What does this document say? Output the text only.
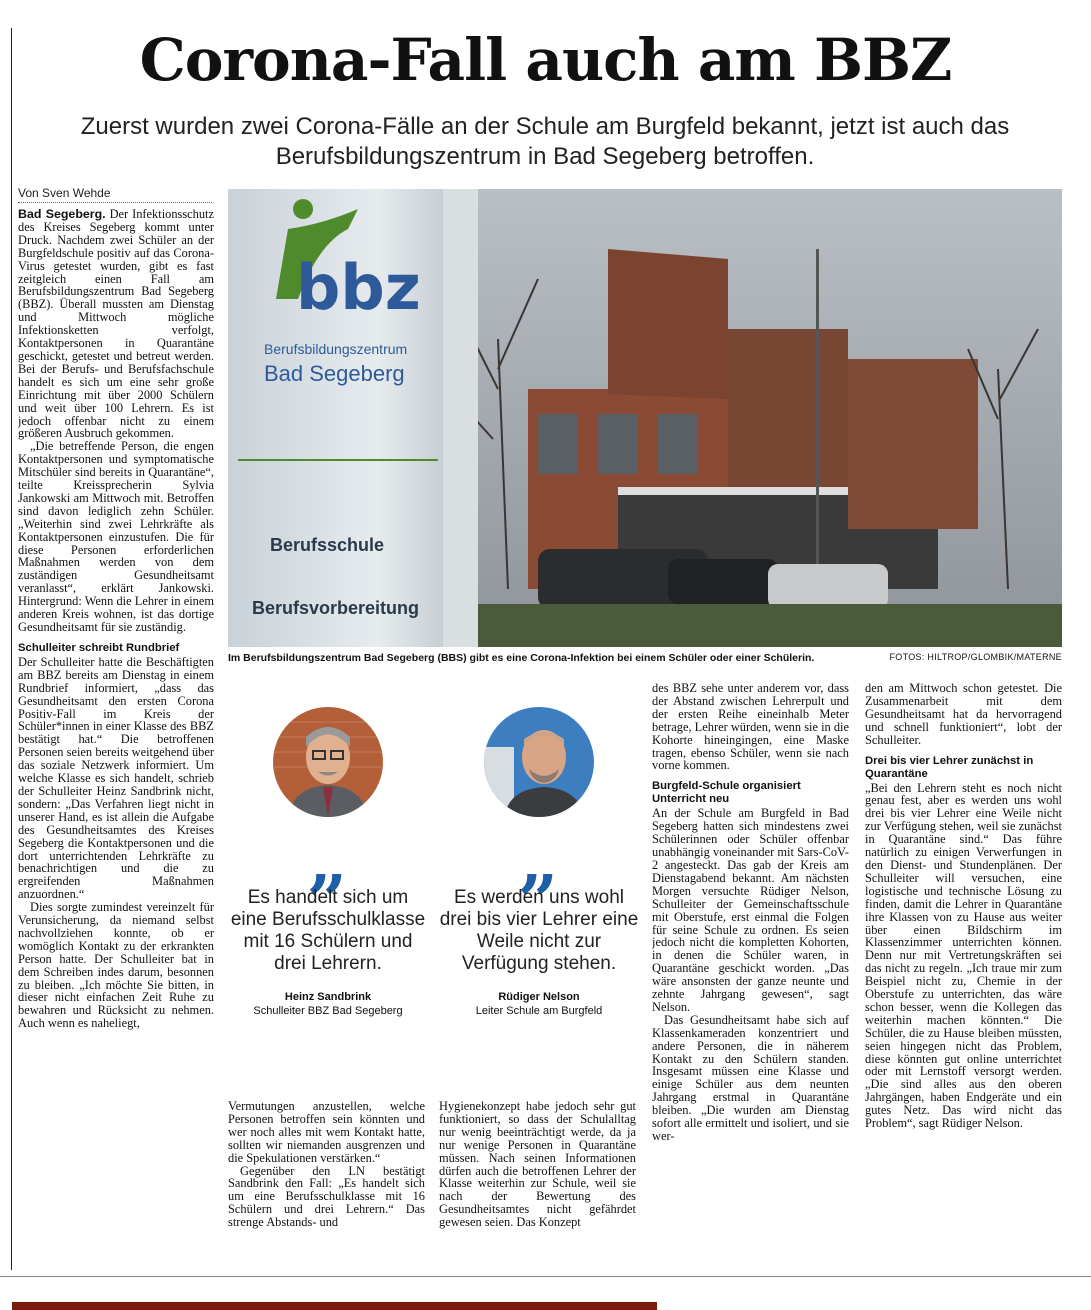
Corona-Fall auch am BBZ

Zuerst wurden zwei Corona-Fälle an der Schule am Burgfeld bekannt, jetzt ist auch das Berufsbildungszentrum in Bad Segeberg betroffen.

Von Sven Wehde

Bad Segeberg. Der Infektionsschutz des Kreises Segeberg kommt unter Druck. Nachdem zwei Schüler an der Burgfeldschule positiv auf das Corona-Virus getestet wurden, gibt es fast zeitgleich einen Fall am Berufsbildungszentrum Bad Segeberg (BBZ). Überall mussten am Dienstag und Mittwoch mögliche Infektionsketten verfolgt, Kontaktpersonen in Quarantäne geschickt, getestet und betreut werden. Bei der Berufs- und Berufsfachschule handelt es sich um eine sehr große Einrichtung mit über 2000 Schülern und weit über 100 Lehrern. Es ist jedoch offenbar nicht zu einem größeren Ausbruch gekommen.

„Die betreffende Person, die engen Kontaktpersonen und symptomatische Mitschüler sind bereits in Quarantäne“, teilte Kreissprecherin Sylvia Jankowski am Mittwoch mit. Betroffen sind davon lediglich zehn Schüler. „Weiterhin sind zwei Lehrkräfte als Kontaktpersonen einzustufen. Die für diese Personen erforderlichen Maßnahmen werden von dem zuständigen Gesundheitsamt veranlasst“, erklärt Jankowski. Hintergrund: Wenn die Lehrer in einem anderen Kreis wohnen, ist das dortige Gesundheitsamt für sie zuständig.

Schulleiter schreibt Rundbrief

Der Schulleiter hatte die Beschäftigten am BBZ bereits am Dienstag in einem Rundbrief informiert, „dass das Gesundheitsamt den ersten Corona Positiv-Fall im Kreis der Schüler*innen in einer Klasse des BBZ bestätigt hat.“ Die betroffenen Personen seien bereits weitgehend über das soziale Netzwerk informiert. Um welche Klasse es sich handelt, schrieb der Schulleiter Heinz Sandbrink nicht, sondern: „Das Verfahren liegt nicht in unserer Hand, es ist allein die Aufgabe des Gesundheitsamtes des Kreises Segeberg die Kontaktpersonen und die dort unterrichtenden Lehrkräfte zu benachrichtigen und die zu ergreifenden Maßnahmen anzuordnen.“

Dies sorgte zumindest vereinzelt für Verunsicherung, da niemand selbst nachvollziehen konnte, ob er womöglich Kontakt zu der erkrankten Person hatte. Der Schulleiter bat in dem Schreiben indes darum, besonnen zu bleiben. „Ich möchte Sie bitten, in dieser nicht einfachen Zeit Ruhe zu bewahren und Rücksicht zu nehmen. Auch wenn es naheliegt,

bbz
Berufsbildungszentrum
Bad Segeberg
Berufsschule
Berufsvorbereitung
Im Berufsbildungszentrum Bad Segeberg (BBS) gibt es eine Corona-Infektion bei einem Schüler oder einer Schülerin.	FOTOS: HILTROP/GLOMBIK/MATERNE
„
Es handelt sich um eine Berufsschulklasse mit 16 Schülern und drei Lehrern.
Heinz Sandbrink
Schulleiter BBZ Bad Segeberg
„
Es werden uns wohl drei bis vier Lehrer eine Weile nicht zur Verfügung stehen.
Rüdiger Nelson
Leiter Schule am Burgfeld

Vermutungen anzustellen, welche Personen betroffen sein könnten und wer noch alles mit wem Kontakt hatte, sollten wir niemanden ausgrenzen und die Spekulationen verstärken.“

Gegenüber den LN bestätigt Sandbrink den Fall: „Es handelt sich um eine Berufsschulklasse mit 16 Schülern und drei Lehrern.“ Das strenge Abstands- und

Hygienekonzept habe jedoch sehr gut funktioniert, so dass der Schulalltag nur wenig beeinträchtigt werde, da ja nur wenige Personen in Quarantäne müssen. Nach seinen Informationen dürfen auch die betroffenen Lehrer der Klasse weiterhin zur Schule, weil sie nach der Bewertung des Gesundheitsamtes nicht gefährdet gewesen seien. Das Konzept

des BBZ sehe unter anderem vor, dass der Abstand zwischen Lehrerpult und der ersten Reihe eineinhalb Meter betrage, Lehrer würden, wenn sie in die Kohorte hineingingen, eine Maske tragen, ebenso Schüler, wenn sie nach vorne kommen.

Burgfeld-Schule organisiert Unterricht neu

An der Schule am Burgfeld in Bad Segeberg hatten sich mindestens zwei Schülerinnen oder Schüler offenbar unabhängig voneinander mit Sars-CoV-2 angesteckt. Das gab der Kreis am Dienstagabend bekannt. Am nächsten Morgen versuchte Rüdiger Nelson, Schulleiter der Gemeinschaftsschule mit Oberstufe, erst einmal die Folgen für seine Schule zu ordnen. Es seien jedoch nicht die kompletten Kohorten, in denen die Schüler waren, in Quarantäne geschickt worden. „Das wäre ansonsten der ganze neunte und zehnte Jahrgang gewesen“, sagt Nelson.

Das Gesundheitsamt habe sich auf Klassenkameraden konzentriert und andere Personen, die in näherem Kontakt zu den Schülern standen. Insgesamt müssen eine Klasse und einige Schüler aus dem neunten Jahrgang erstmal in Quarantäne bleiben. „Die wurden am Dienstag sofort alle ermittelt und isoliert, und sie wer-

den am Mittwoch schon getestet. Die Zusammenarbeit mit dem Gesundheitsamt hat da hervorragend und schnell funktioniert“, lobt der Schulleiter.

Drei bis vier Lehrer zunächst in Quarantäne

„Bei den Lehrern steht es noch nicht genau fest, aber es werden uns wohl drei bis vier Lehrer eine Weile nicht zur Verfügung stehen, weil sie zunächst in Quarantäne sind.“ Das führe natürlich zu einigen Verwerfungen in den Dienst- und Stundenplänen. Der Schulleiter will versuchen, eine logistische und technische Lösung zu finden, damit die Lehrer in Quarantäne ihre Klassen von zu Hause aus weiter über einen Bildschirm im Klassenzimmer unterrichten können. Denn nur mit Vertretungskräften sei das nicht zu regeln. „Ich traue mir zum Beispiel nicht zu, Chemie in der Oberstufe zu unterrichten, das wäre schon besser, wenn die Kollegen das weiterhin machen könnten.“ Die Schüler, die zu Hause bleiben müssten, seien hingegen nicht das Problem, diese könnten gut online unterrichtet oder mit Lernstoff versorgt werden. „Die sind alles aus den oberen Jahrgängen, haben Endgeräte und ein gutes Netz. Das wird nicht das Problem“, sagt Rüdiger Nelson.
